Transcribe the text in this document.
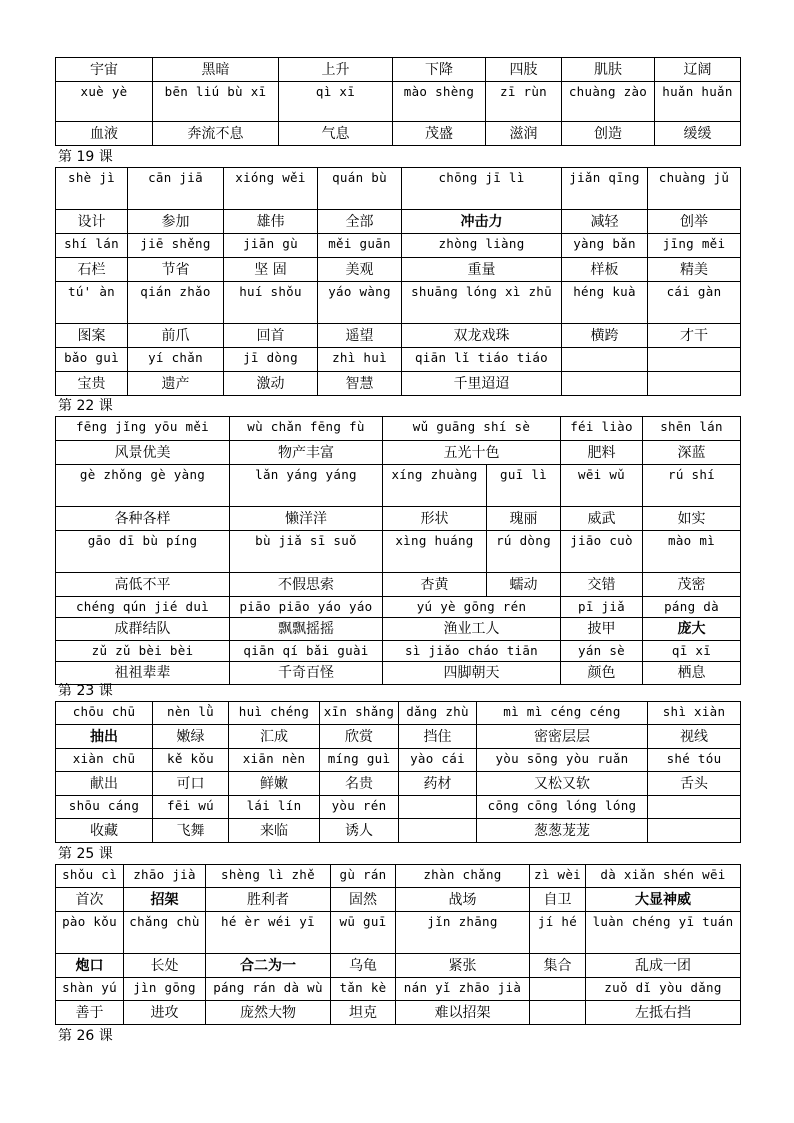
宇宙	黑暗	上升	下降	四肢	肌肤	辽阔
xuè yè	bēn liú bù xī	qì xī	mào shèng	zī rùn	chuàng zào	huǎn huǎn
血液	奔流不息	气息	茂盛	滋润	创造	缓缓
第 19 课
shè jì	cān jiā	xióng wěi	quán bù	chōng jī lì	jiǎn qīng	chuàng jǔ
设计	参加	雄伟	全部	冲击力	减轻	创举
shí lán	jiē shěng	jiān gù	měi guān	zhòng liàng	yàng bǎn	jīng měi
石栏	节省	坚 固	美观	重量	样板	精美
tú' àn	qián zhǎo	huí shǒu	yáo wàng	shuāng lóng xì zhū	héng kuà	cái gàn
图案	前爪	回首	遥望	双龙戏珠	横跨	才干
bǎo guì	yí chǎn	jī dòng	zhì huì	qiān lǐ tiáo tiáo		
宝贵	遗产	激动	智慧	千里迢迢		
第 22 课
fēng jǐng yōu měi	wù chǎn fēng fù	wǔ guāng shí sè	féi liào	shēn lán
风景优美	物产丰富	五光十色	肥料	深蓝
gè zhǒng gè yàng	lǎn yáng yáng	xíng zhuàng	guī lì	wēi wǔ	rú shí
各种各样	懒洋洋	形状	瑰丽	威武	如实
gāo dī bù píng	bù jiǎ sī suǒ	xìng huáng	rú dòng	jiāo cuò	mào mì
高低不平	不假思索	杏黄	蠕动	交错	茂密
chéng qún jié duì	piāo piāo yáo yáo	yú yè gōng rén	pī jiǎ	páng dà
成群结队	飘飘摇摇	渔业工人	披甲	庞大
zǔ zǔ bèi bèi	qiān qí bǎi guài	sì jiǎo cháo tiān	yán sè	qī xī
祖祖辈辈	千奇百怪	四脚朝天	颜色	栖息
第 23 课
chōu chū	nèn lǜ	huì chéng	xīn shǎng	dǎng zhù	mì mì céng céng	shì xiàn
抽出	嫩绿	汇成	欣赏	挡住	密密层层	视线
xiàn chū	kě kǒu	xiān nèn	míng guì	yào cái	yòu sōng yòu ruǎn	shé tóu
献出	可口	鲜嫩	名贵	药材	又松又软	舌头
shōu cáng	fēi wú	lái lín	yòu rén		cōng cōng lóng lóng	
收藏	飞舞	来临	诱人		葱葱茏茏	
第 25 课
shǒu cì	zhāo jià	shèng lì zhě	gù rán	zhàn chǎng	zì wèi	dà xiǎn shén wēi
首次	招架	胜利者	固然	战场	自卫	大显神威
pào kǒu	chǎng chù	hé èr wéi yī	wū guī	jǐn zhāng	jí hé	luàn chéng yī tuán
炮口	长处	合二为一	乌龟	紧张	集合	乱成一团
shàn yú	jìn gōng	páng rán dà wù	tǎn kè	nán yǐ zhāo jià		zuǒ dǐ yòu dǎng
善于	进攻	庞然大物	坦克	难以招架		左抵右挡
第 26 课
